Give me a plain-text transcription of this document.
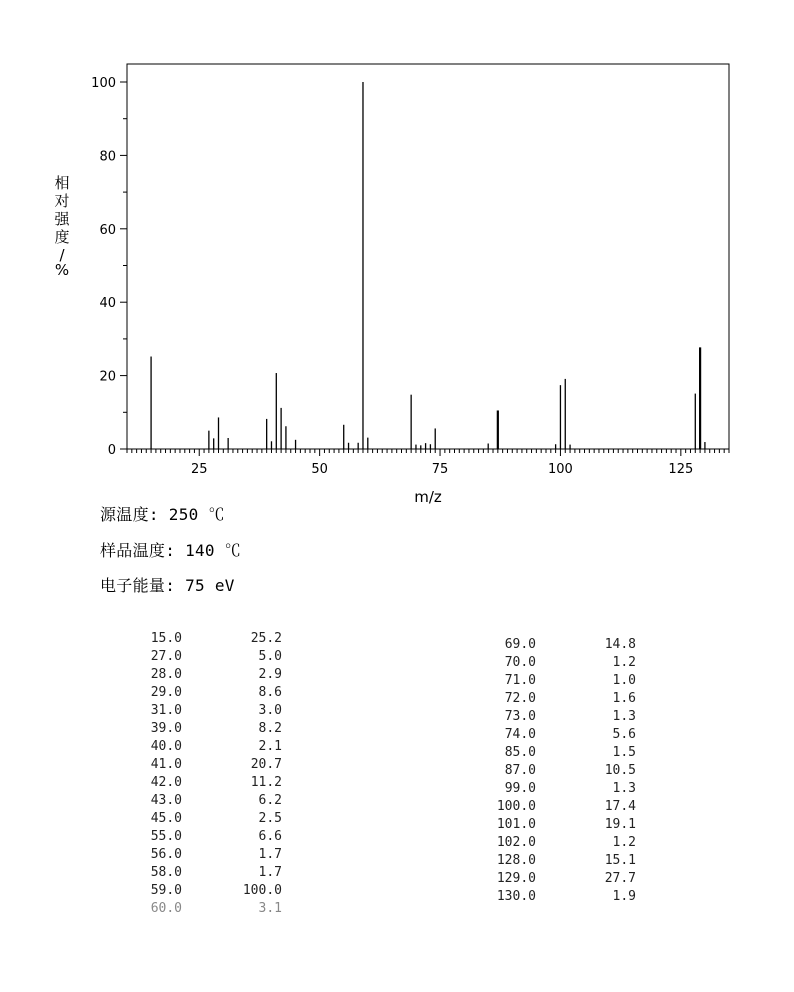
25	50	75	100	125
0
20
40
60
80
100
m/z
相对强度/ %
源温度: 250 ℃
样品温度: 140 ℃
电子能量: 75 eV
15.0	25.2
27.0	5.0
28.0	2.9
29.0	8.6
31.0	3.0
39.0	8.2
40.0	2.1
41.0	20.7
42.0	11.2
43.0	6.2
45.0	2.5
55.0	6.6
56.0	1.7
58.0	1.7
59.0	100.0
60.0	3.1
69.0	14.8
70.0	1.2
71.0	1.0
72.0	1.6
73.0	1.3
74.0	5.6
85.0	1.5
87.0	10.5
99.0	1.3
100.0	17.4
101.0	19.1
102.0	1.2
128.0	15.1
129.0	27.7
130.0	1.9
